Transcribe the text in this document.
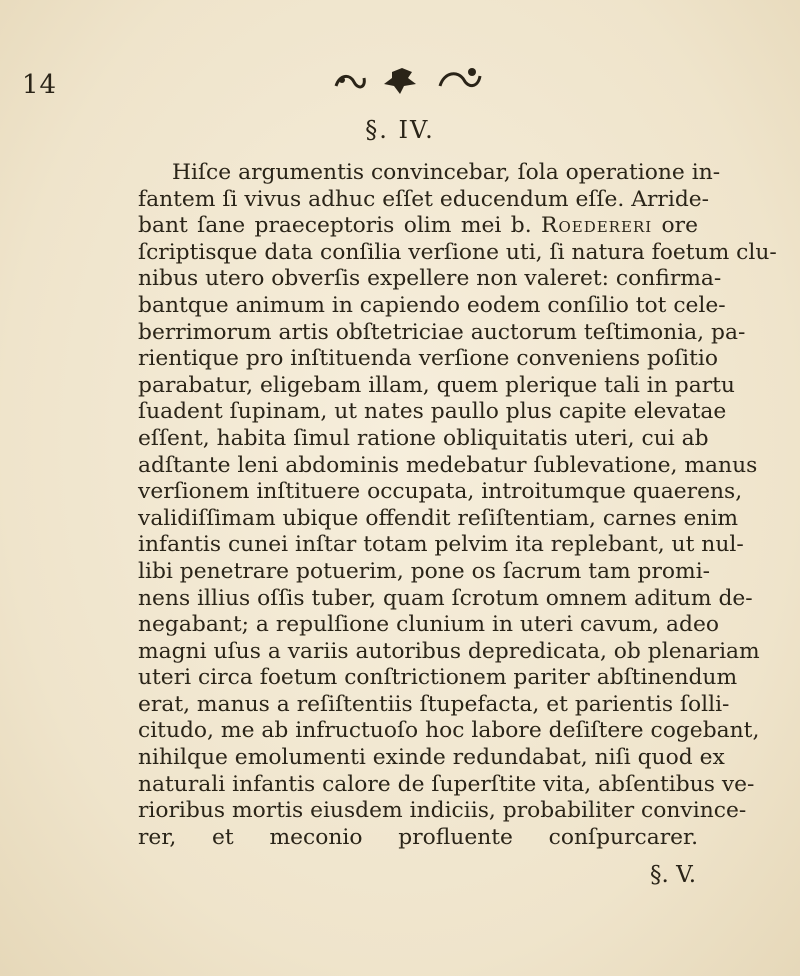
14
§. IV.
Hiſce argumentis convincebar, ſola operatione in-
fantem ſi vivus adhuc eſſet educendum eſſe. Arride-
bant ſane praeceptoris olim mei b. Roedereri ore
ſcriptisque data conſilia verſione uti, ſi natura foetum clu-
nibus utero obverſis expellere non valeret: confirma-
bantque animum in capiendo eodem conſilio tot cele-
berrimorum artis obſtetriciae auctorum teſtimonia, pa-
rientique pro inſtituenda verſione conveniens poſitio
parabatur, eligebam illam, quem plerique tali in partu
ſuadent ſupinam, ut nates paullo plus capite elevatae
eſſent, habita ſimul ratione obliquitatis uteri, cui ab
adſtante leni abdominis medebatur ſublevatione, manus
verſionem inſtituere occupata, introitumque quaerens,
validiſſimam ubique offendit reſiſtentiam, carnes enim
infantis cunei inſtar totam pelvim ita replebant, ut nul-
libi penetrare potuerim, pone os ſacrum tam promi-
nens illius oſſis tuber, quam ſcrotum omnem aditum de-
negabant; a repulſione clunium in uteri cavum, adeo
magni uſus a variis autoribus depredicata, ob plenariam
uteri circa foetum conſtrictionem pariter abſtinendum
erat, manus a reſiſtentiis ſtupefacta, et parientis ſolli-
citudo, me ab infructuoſo hoc labore deſiſtere cogebant,
nihilque emolumenti exinde redundabat, niſi quod ex
naturali infantis calore de ſuperſtite vita, abſentibus ve-
rioribus mortis eiusdem indiciis, probabiliter convince-
rer, et meconio profluente conſpurcarer.
§. V.
